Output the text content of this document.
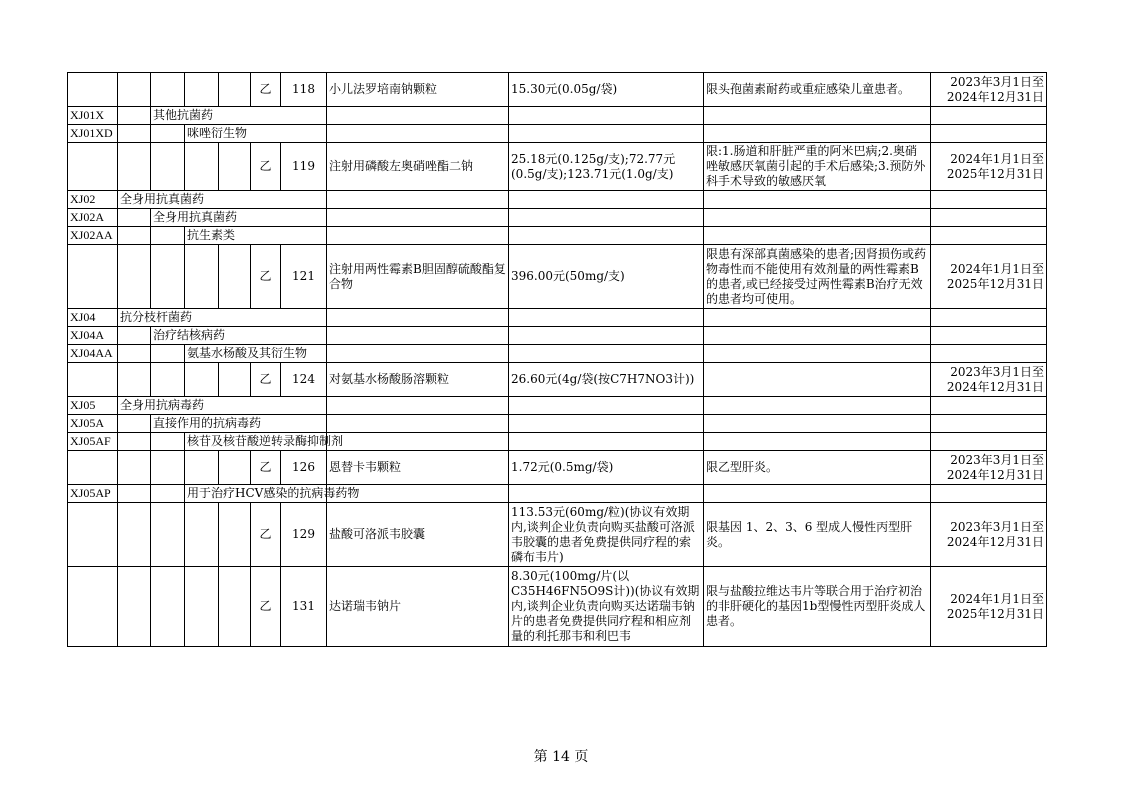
					乙	118	小儿法罗培南钠颗粒	15.30元(0.05g/袋)	限头孢菌素耐药或重症感染儿童患者。	2023年3月1日至
2024年12月31日

XJ01X		其他抗菌药								
XJ01XD			咪唑衍生物							
					乙	119	注射用磷酸左奥硝唑酯二钠	25.18元(0.125g/支);72.77元(0.5g/支);123.71元(1.0g/支)	限:1.肠道和肝脏严重的阿米巴病;2.奥硝唑敏感厌氧菌引起的手术后感染;3.预防外科手术导致的敏感厌氧	2024年1月1日至
2025年12月31日

XJ02	全身用抗真菌药									
XJ02A		全身用抗真菌药								
XJ02AA			抗生素类							
					乙	121	注射用两性霉素B胆固醇硫酸酯复合物	396.00元(50mg/支)	限患有深部真菌感染的患者;因肾损伤或药物毒性而不能使用有效剂量的两性霉素B的患者,或已经接受过两性霉素B治疗无效的患者均可使用。	2024年1月1日至
2025年12月31日

XJ04	抗分枝杆菌药									
XJ04A		治疗结核病药								
XJ04AA			氨基水杨酸及其衍生物							
					乙	124	对氨基水杨酸肠溶颗粒	26.60元(4g/袋(按C7H7NO3计))		2023年3月1日至
2024年12月31日

XJ05	全身用抗病毒药									
XJ05A		直接作用的抗病毒药								
XJ05AF			核苷及核苷酸逆转录酶抑制剂							
					乙	126	恩替卡韦颗粒	1.72元(0.5mg/袋)	限乙型肝炎。	2023年3月1日至
2024年12月31日

XJ05AP			用于治疗HCV感染的抗病毒药物							
					乙	129	盐酸可洛派韦胶囊	113.53元(60mg/粒)(协议有效期内,谈判企业负责向购买盐酸可洛派韦胶囊的患者免费提供同疗程的索磷布韦片)	限基因 1、2、3、6 型成人慢性丙型肝炎。	2023年3月1日至
2024年12月31日

					乙	131	达诺瑞韦钠片	8.30元(100mg/片(以C35H46FN5O9S计))(协议有效期内,谈判企业负责向购买达诺瑞韦钠片的患者免费提供同疗程和相应剂量的利托那韦和利巴韦	限与盐酸拉维达韦片等联合用于治疗初治的非肝硬化的基因1b型慢性丙型肝炎成人患者。	2024年1月1日至
2025年12月31日
第 14 页
